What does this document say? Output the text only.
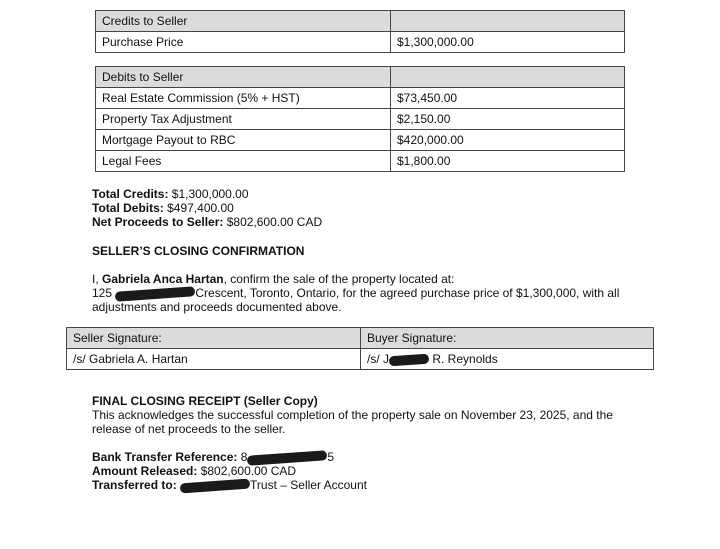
Credits to Seller	
Purchase Price	$1,300,000.00
Debits to Seller	
Real Estate Commission (5% + HST)	$73,450.00
Property Tax Adjustment	$2,150.00
Mortgage Payout to RBC	$420,000.00
Legal Fees	$1,800.00
Total Credits: $1,300,000.00
Total Debits: $497,400.00
Net Proceeds to Seller: $802,600.00 CAD
SELLER’S CLOSING CONFIRMATION
I, Gabriela Anca Hartan, confirm the sale of the property located at:
125	Crescent, Toronto, Ontario, for the agreed purchase price of $1,300,000, with all
adjustments and proceeds documented above.
Seller Signature:	Buyer Signature:
/s/ Gabriela A. Hartan	/s/ J R. Reynolds
FINAL CLOSING RECEIPT (Seller Copy)
This acknowledges the successful completion of the property sale on November 23, 2025, and the
release of net proceeds to the seller.
Bank Transfer Reference: 8	5
Amount Released: $802,600.00 CAD
Transferred to:	Trust – Seller Account
